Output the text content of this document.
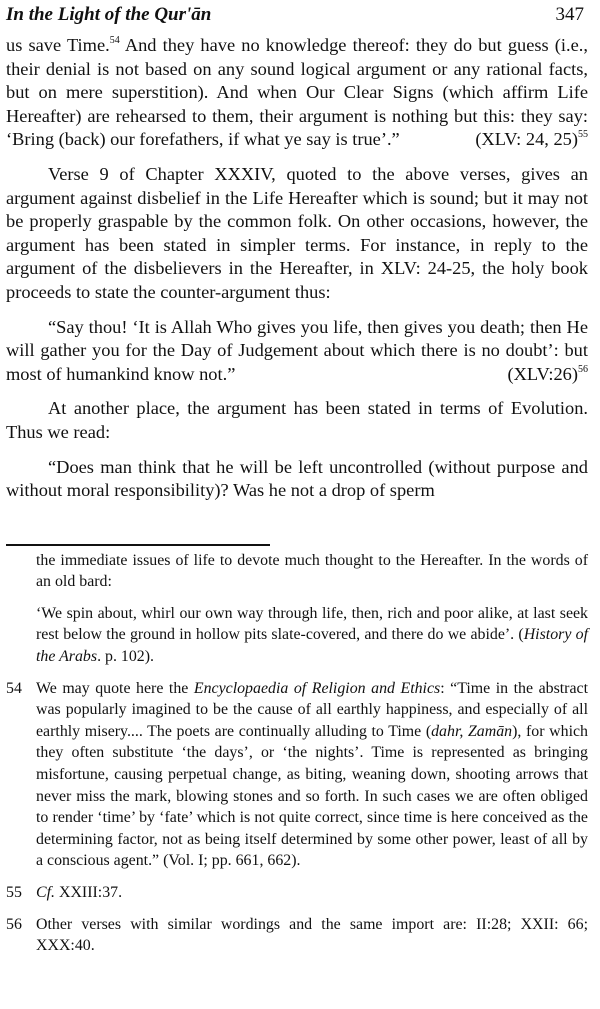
In the Light of the Qur'ān	347

us save Time.$^{54}$ And they have no knowledge thereof: they do but guess (i.e., their denial is not based on any sound logical argument or any rational facts, but on mere superstition). And when Our Clear Signs (which affirm Life Hereafter) are rehearsed to them, their argument is nothing but this: they say: ‘Bring (back) our forefathers, if what ye say is true’.”	(XLV: 24, 25)$^{55}$

Verse 9 of Chapter XXXIV, quoted to the above verses, gives an argument against disbelief in the Life Hereafter which is sound; but it may not be properly graspable by the common folk. On other occasions, however, the argument has been stated in simpler terms. For instance, in reply to the argument of the disbelievers in the Hereafter, in XLV: 24-25, the holy book proceeds to state the counter-argument thus:

“Say thou! ‘It is Allah Who gives you life, then gives you death; then He will gather you for the Day of Judgement about which there is no doubt’: but most of humankind know not.”	(XLV:26)$^{56}$

At another place, the argument has been stated in terms of Evolution. Thus we read:

“Does man think that he will be left uncontrolled (without purpose and without moral responsibility)? Was he not a drop of sperm

the immediate issues of life to devote much thought to the Hereafter. In the words of an old bard:

‘We spin about, whirl our own way through life, then, rich and poor alike, at last seek rest below the ground in hollow pits slate-covered, and there do we abide’. (History of the Arabs. p. 102).

54 We may quote here the Encyclopaedia of Religion and Ethics: “Time in the abstract was popularly imagined to be the cause of all earthly happiness, and especially of all earthly misery.... The poets are continually alluding to Time (dahr, Zamān), for which they often substitute ‘the days’, or ‘the nights’. Time is represented as bringing misfortune, causing perpetual change, as biting, weaning down, shooting arrows that never miss the mark, blowing stones and so forth. In such cases we are often obliged to render ‘time’ by ‘fate’ which is not quite correct, since time is here conceived as the determining factor, not as being itself determined by some other power, least of all by a conscious agent.” (Vol. I; pp. 661, 662).
55 Cf. XXIII:37.
56 Other verses with similar wordings and the same import are: II:28; XXII: 66; XXX:40.
